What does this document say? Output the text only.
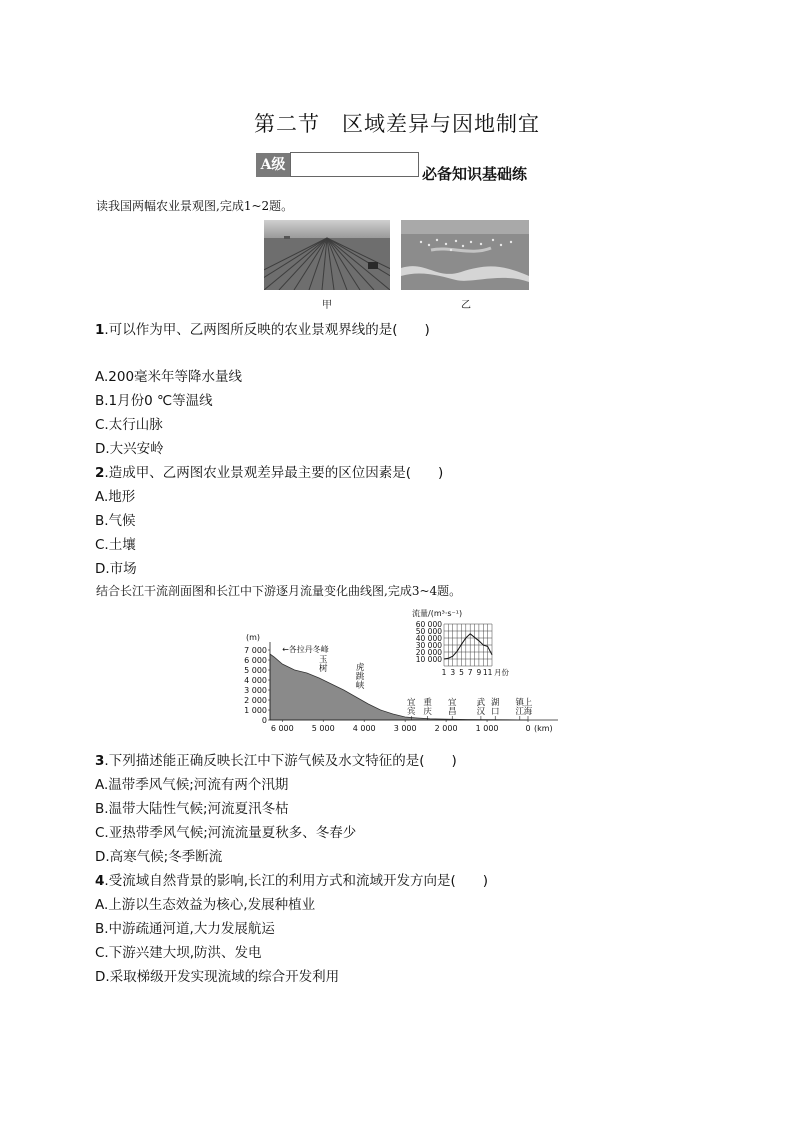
第二节　区域差异与因地制宜
A级	必备知识基础练
读我国两幅农业景观图,完成1~2题。
甲	乙
1.可以作为甲、乙两图所反映的农业景观界线的是(　　)
A.200毫米年等降水量线
B.1月份0 ℃等温线
C.太行山脉
D.大兴安岭
2.造成甲、乙两图农业景观差异最主要的区位因素是(　　)
A.地形
B.气候
C.土壤
D.市场
结合长江干流剖面图和长江中下游逐月流量变化曲线图,完成3~4题。
0
1 000
2 000
3 000
4 000
5 000
6 000
7 000
(m)
6 000 5 000 4 000 3 000 2 000 1 000	0 (km)
←各拉丹冬峰
玉
树	虎
跳
峡
宜
宾
重
庆
宜
昌
武
汉
湖
口
镇
江
上
海
流量/(m³·s⁻¹)
10 000
20 000
30 000
40 000
50 000
60 000
1 3 5 7 9 11 月份
3.下列描述能正确反映长江中下游气候及水文特征的是(　　)
A.温带季风气候;河流有两个汛期
B.温带大陆性气候;河流夏汛冬枯
C.亚热带季风气候;河流流量夏秋多、冬春少
D.高寒气候;冬季断流
4.受流域自然背景的影响,长江的利用方式和流域开发方向是(　　)
A.上游以生态效益为核心,发展种植业
B.中游疏通河道,大力发展航运
C.下游兴建大坝,防洪、发电
D.采取梯级开发实现流域的综合开发利用
